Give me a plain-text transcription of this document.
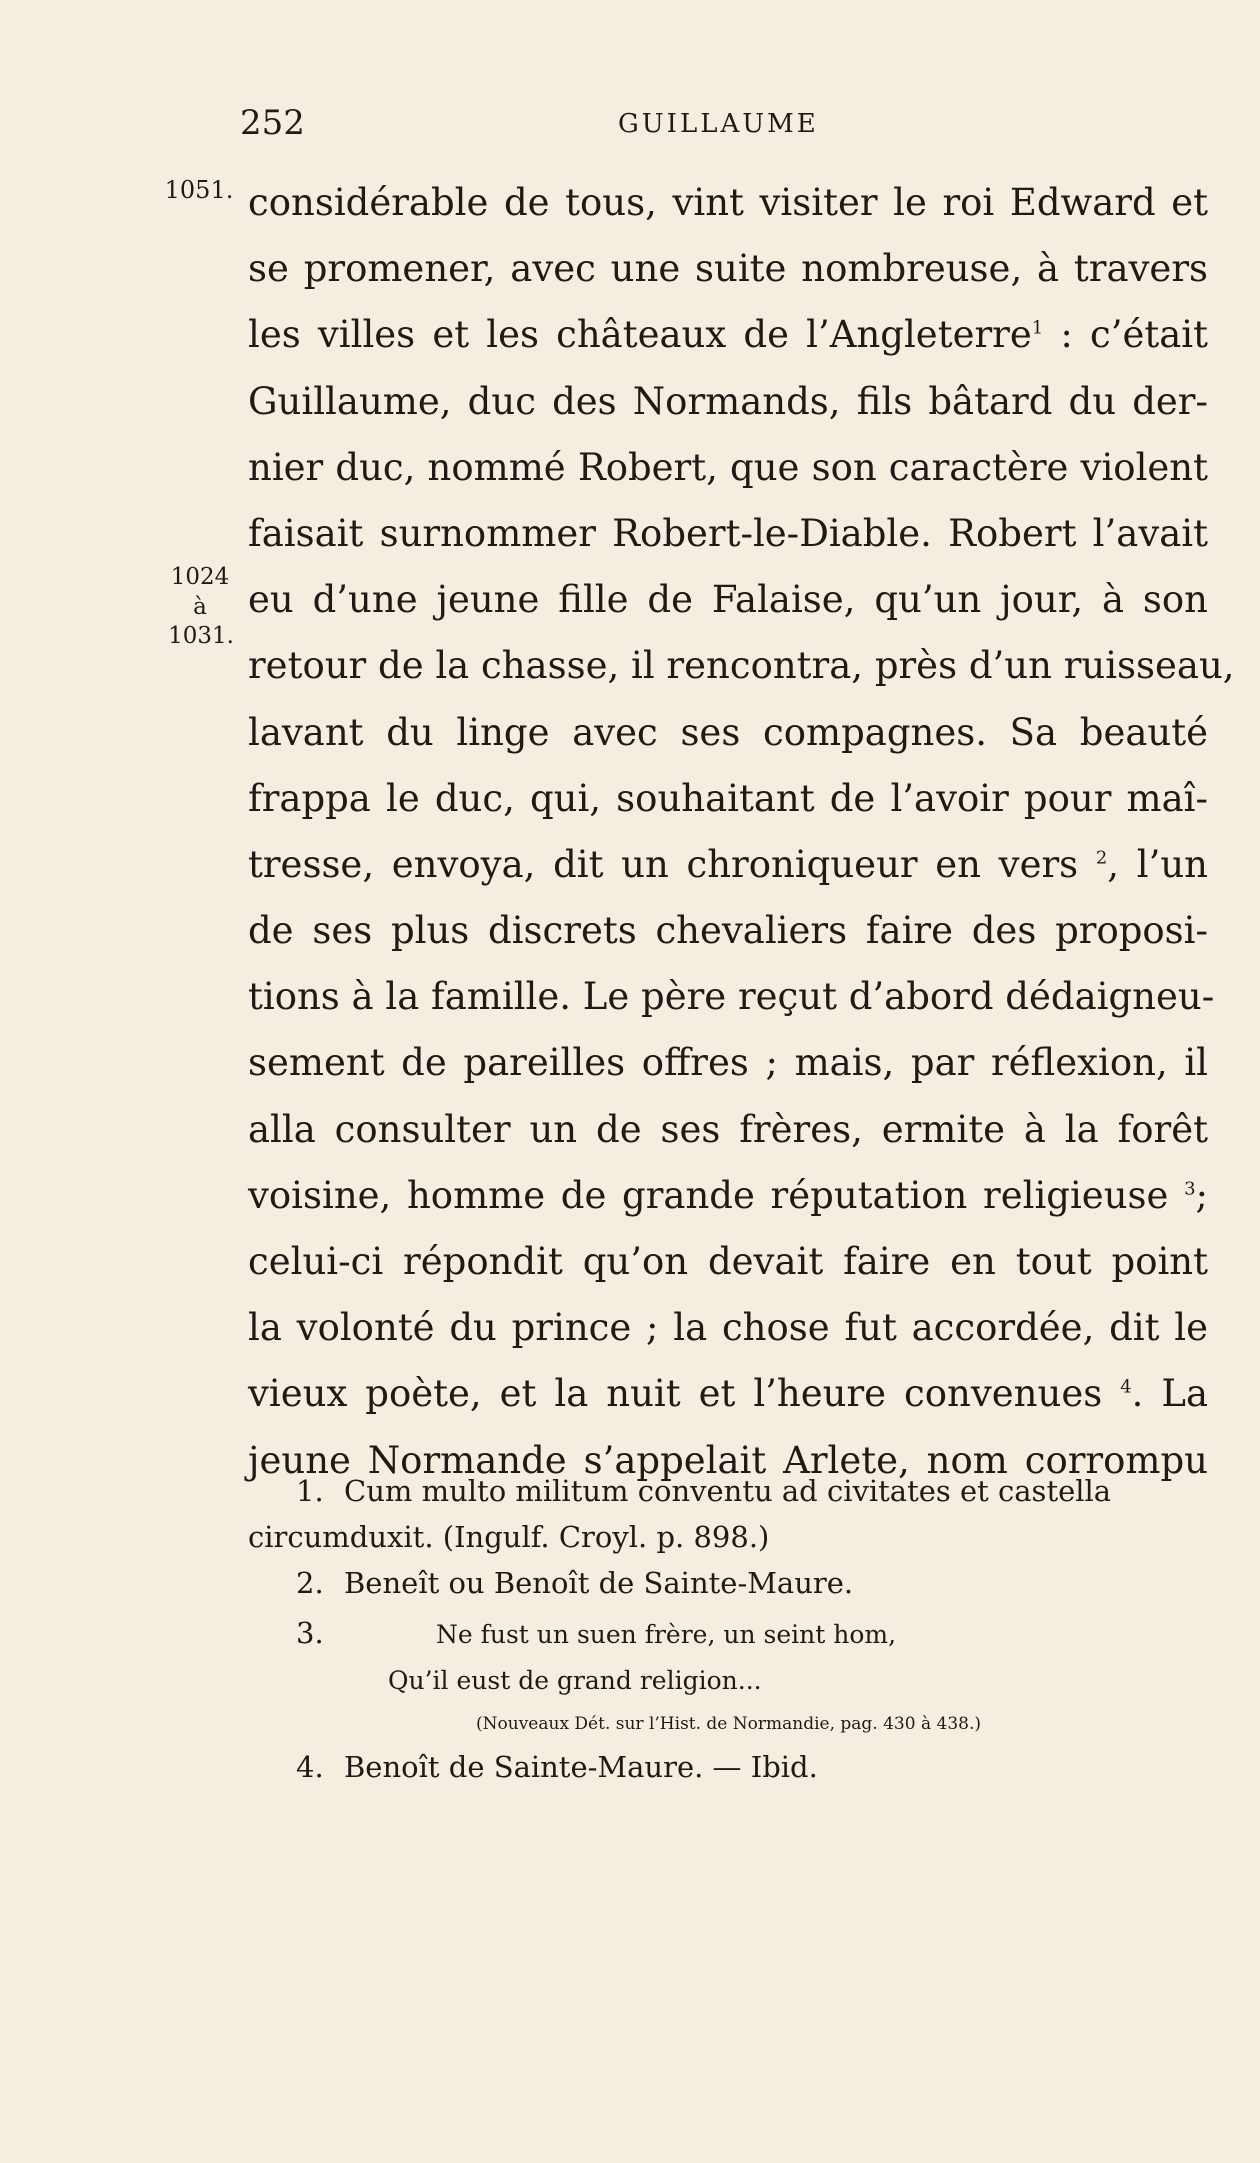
252	GUILLAUME
1051.
1024
à
1031.
considérable de tous, vint visiter le roi Edward et
se promener, avec une suite nombreuse, à travers
les villes et les châteaux de l’Angleterre$^1$ : c’était
Guillaume, duc des Normands, fils bâtard du der-
nier duc, nommé Robert, que son caractère violent
faisait surnommer Robert-le-Diable. Robert l’avait
eu d’une jeune fille de Falaise, qu’un jour, à son
retour de la chasse, il rencontra, près d’un ruisseau,
lavant du linge avec ses compagnes. Sa beauté
frappa le duc, qui, souhaitant de l’avoir pour maî-
tresse, envoya, dit un chroniqueur en vers $^2$, l’un
de ses plus discrets chevaliers faire des proposi-
tions à la famille. Le père reçut d’abord dédaigneu-
sement de pareilles offres ; mais, par réflexion, il
alla consulter un de ses frères, ermite à la forêt
voisine, homme de grande réputation religieuse $^3$;
celui-ci répondit qu’on devait faire en tout point
la volonté du prince ; la chose fut accordée, dit le
vieux poète, et la nuit et l’heure convenues $^4$. La
jeune Normande s’appelait Arlete, nom corrompu
1. Cum multo militum conventu ad civitates et castella
circumduxit. (Ingulf. Croyl. p. 898.)
2. Beneît ou Benoît de Sainte-Maure.
3.	Ne fust un suen frère, un seint hom,
Qu’il eust de grand religion...
(Nouveaux Dét. sur l’Hist. de Normandie, pag. 430 à 438.)
4. Benoît de Sainte-Maure. — Ibid.
